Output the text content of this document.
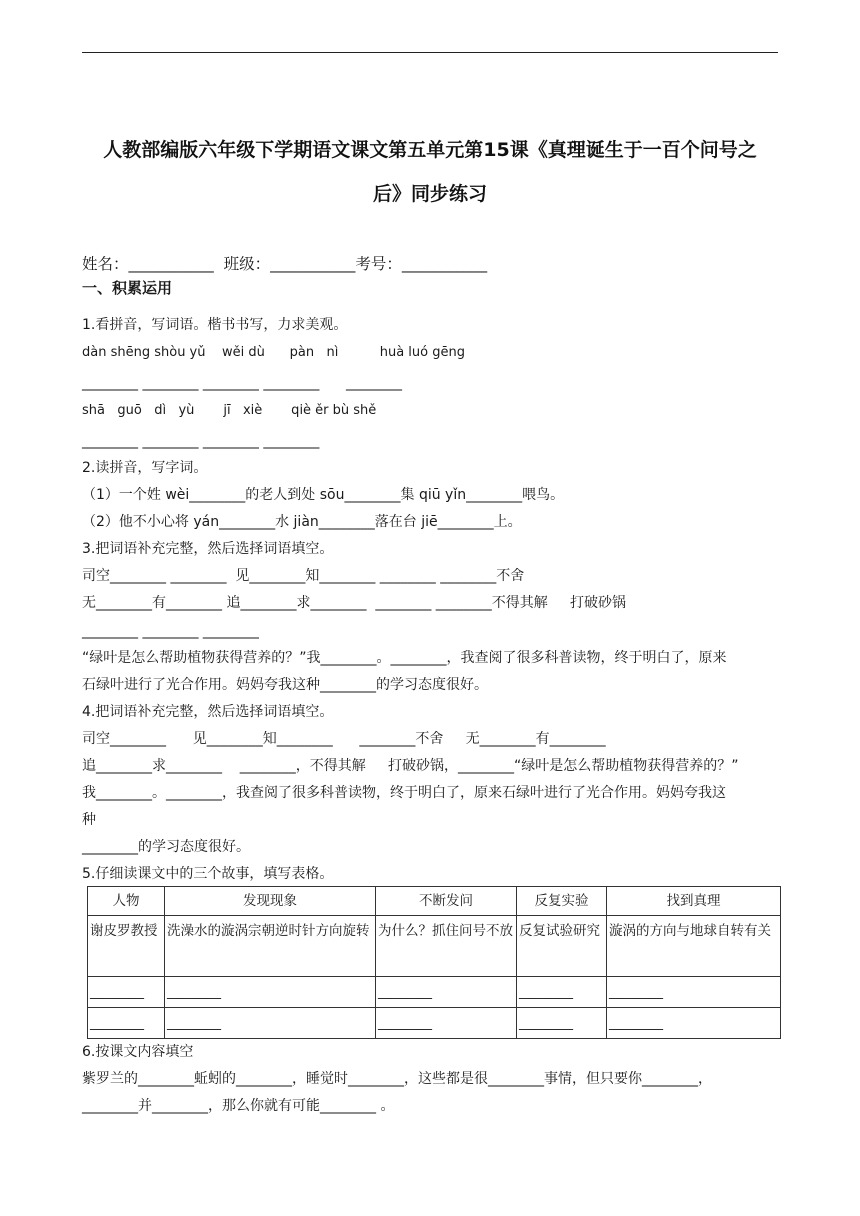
人教部编版六年级下学期语文课文第五单元第15课《真理诞生于一百个问号之
后》同步练习
姓名：___________  班级：___________考号：___________
一、积累运用
1.看拼音，写词语。楷书书写，力求美观。
dàn shēng shòu yǔ    wěi dù      pàn   nì          huà luó gēng
________ ________ ________ ________      ________
shā   guō   dì   yù       jī   xiè       qiè ěr bù shě
________ ________ ________ ________
2.读拼音，写字词。
（1）一个姓 wèi________的老人到处 sōu________集 qiū yǐn________喂鸟。
（2）他不小心将 yán________水 jiàn________落在台 jiē________上。
3.把词语补充完整，然后选择词语填空。
司空________ ________  见________知________ ________ ________不舍
无________有________ 追________求________  ________ ________不得其解     打破砂锅
________ ________ ________
“绿叶是怎么帮助植物获得营养的？”我________。________，我查阅了很多科普读物，终于明白了，原来
石绿叶进行了光合作用。妈妈夸我这种________的学习态度很好。
4.把词语补充完整，然后选择词语填空。
司空________      见________知________      ________不舍     无________有________
追________求________    ________，不得其解     打破砂锅，________“绿叶是怎么帮助植物获得营养的？”
我________。________，我查阅了很多科普读物，终于明白了，原来石绿叶进行了光合作用。妈妈夸我这
种
________的学习态度很好。
5.仔细读课文中的三个故事，填写表格。
人物	发现现象	不断发问	反复实验	找到真理
谢皮罗教授	洗澡水的漩涡宗朝逆时针方向旋转	为什么？抓住问号不放	反复试验研究	漩涡的方向与地球自转有关
________	________	________	________	________
________	________	________	________	________
6.按课文内容填空
紫罗兰的________蚯蚓的________，睡觉时________，这些都是很________事情，但只要你________，
________并________，那么你就有可能________ 。
